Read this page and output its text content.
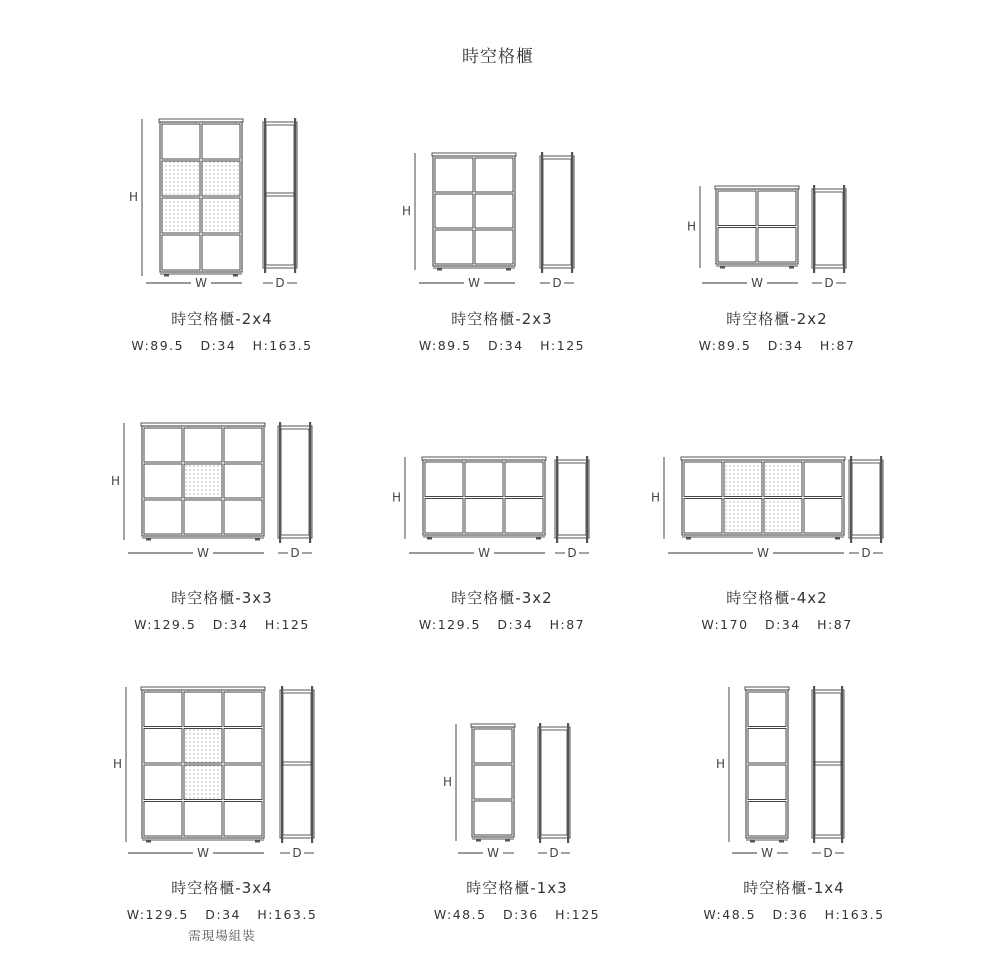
時空格櫃
H
W	D
H
W	D
H
W	D
H
W	D
H
W	D
H
W	D
H
W	D
H
W	D
H
W	D
時空格櫃-2x4
W:89.5   D:34   H:163.5
時空格櫃-2x3
W:89.5   D:34   H:125
時空格櫃-2x2
W:89.5   D:34   H:87
時空格櫃-3x3
W:129.5   D:34   H:125
時空格櫃-3x2
W:129.5   D:34   H:87
時空格櫃-4x2
W:170   D:34   H:87
時空格櫃-3x4
W:129.5   D:34   H:163.5
需現場組裝
時空格櫃-1x3
W:48.5   D:36   H:125
時空格櫃-1x4
W:48.5   D:36   H:163.5
